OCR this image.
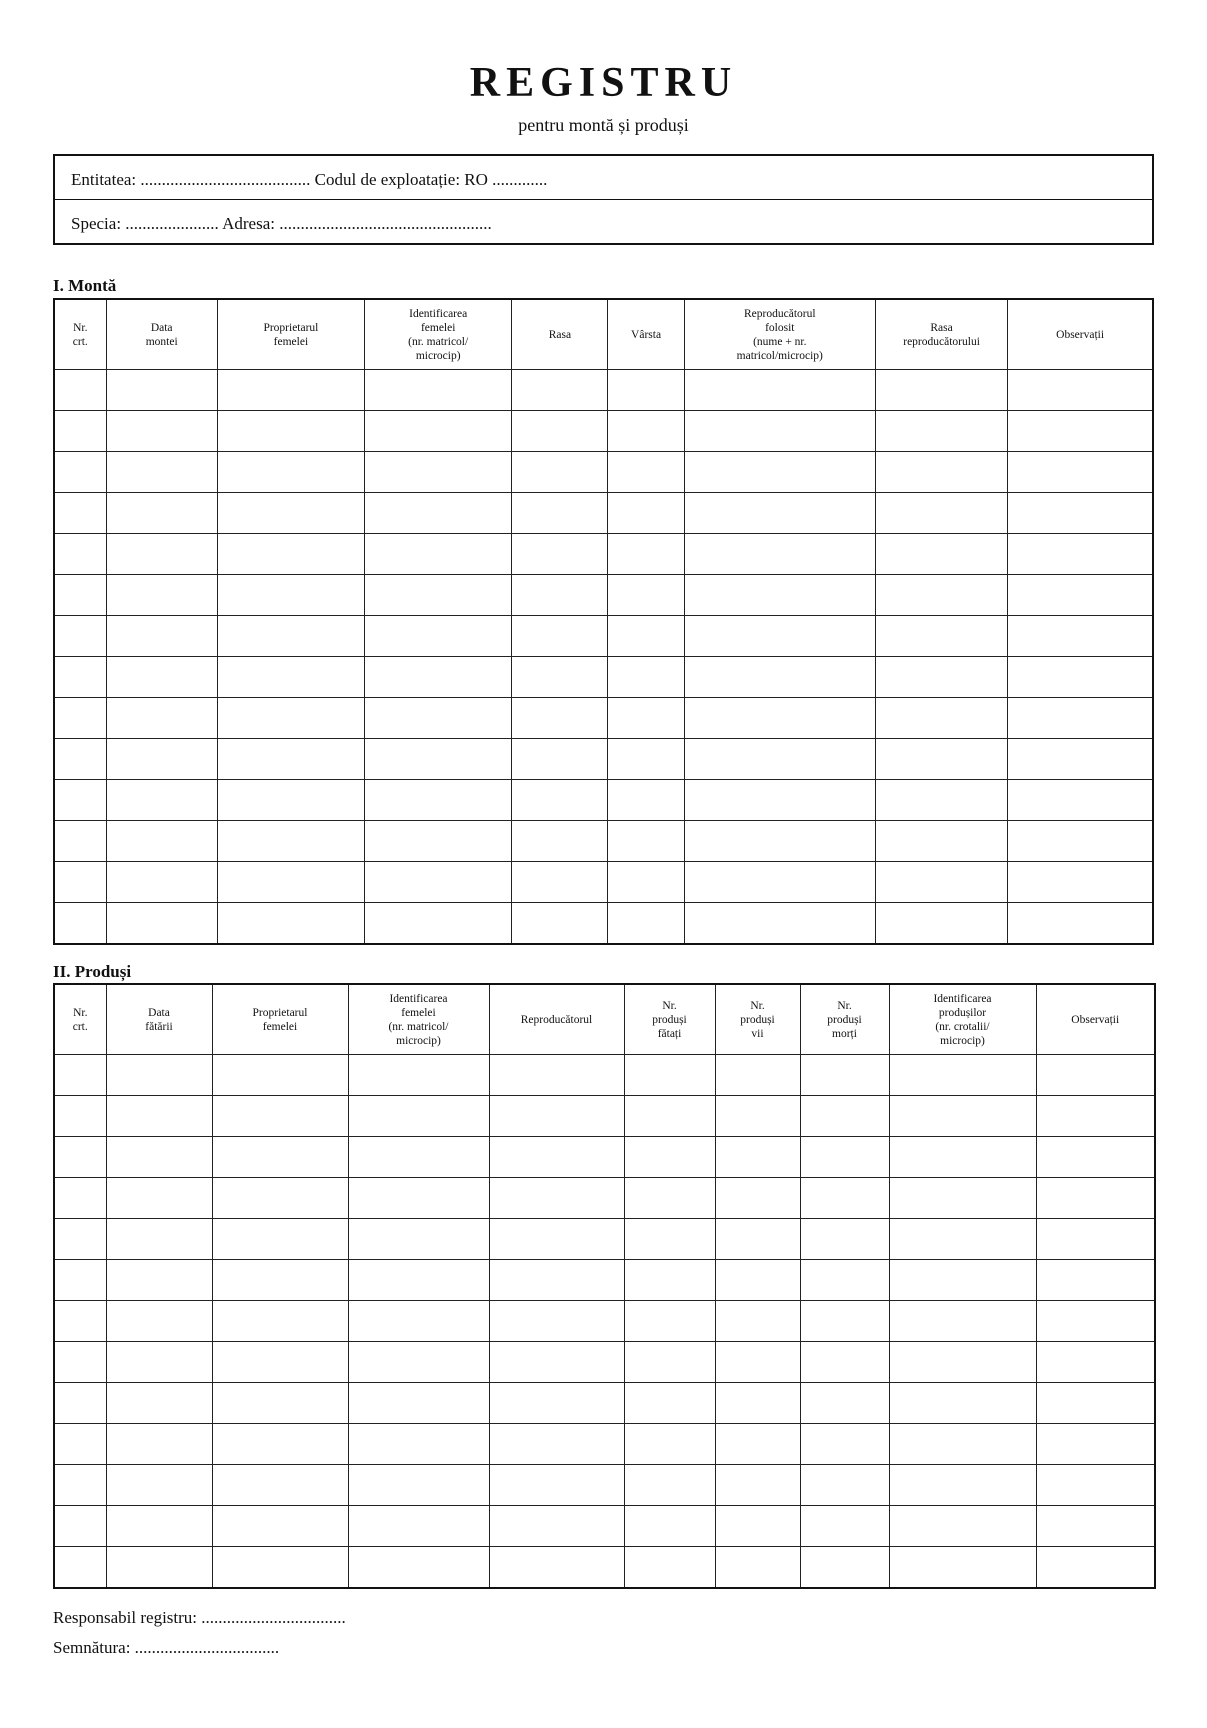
REGISTRU
pentru montă și produși
Entitatea: ........................................ Codul de exploatație: RO .............
Specia: ...................... Adresa: ..................................................
I. Montă
Nr.
crt.	Data
montei	Proprietarul
femelei	Identificarea
femelei
(nr. matricol/
microcip)	Rasa	Vârsta	Reproducătorul
folosit
(nume + nr.
matricol/microcip)	Rasa
reproducătorului	Observații

II. Produși
Nr.
crt.	Data
fătării	Proprietarul
femelei	Identificarea
femelei
(nr. matricol/
microcip)	Reproducătorul	Nr.
produși
fătați	Nr.
produși
vii	Nr.
produși
morți	Identificarea
produșilor
(nr. crotalii/
microcip)	Observații

Responsabil registru: ..................................
Semnătura: ..................................
